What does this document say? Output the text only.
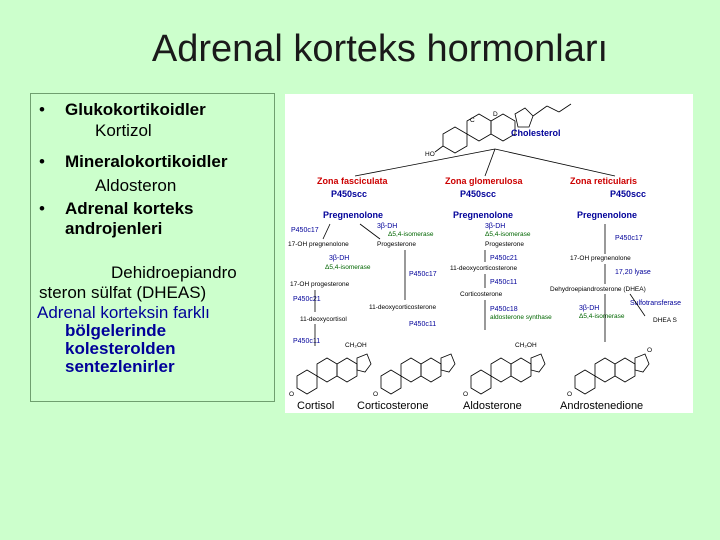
Adrenal korteks hormonları
• Glukokortikoidler
Kortizol
• Mineralokortikoidler
Aldosteron
• Adrenal korteks
androjenleri
Dehidroepiandro
steron sülfat (DHEAS)
Adrenal korteksin farklı
bölgelerinde
kolesterolden
sentezlenirler
HO
C
D
Cholesterol
Zona fasciculata	Zona glomerulosa	Zona reticularis
P450scc	P450scc	P450scc
Pregnenolone	Pregnenolone	Pregnenolone
P450c17
3β-DH
Δ5,4-isomerase
17-OH pregnenolone	Progesterone
3β-DH
Δ5,4-isomerase
P450c17
17-OH progesterone
P450c21
11-deoxycorticosterone
11-deoxycortisol
P450c11
P450c11
3β-DH
Δ5,4-isomerase
Progesterone
P450c21
11-deoxycorticosterone
P450c11
Corticosterone
P450c18
aldosterone synthase
P450c17
17-OH pregnenolone
17,20 lyase
Dehydroepiandrosterone (DHEA)
Sulfotransferase
3β-DH
Δ5,4-isomerase
DHEA S
O
CH₂OH
O	O
CH₂OH
O
O
Cortisol Corticosterone	Aldosterone	Androstenedione
